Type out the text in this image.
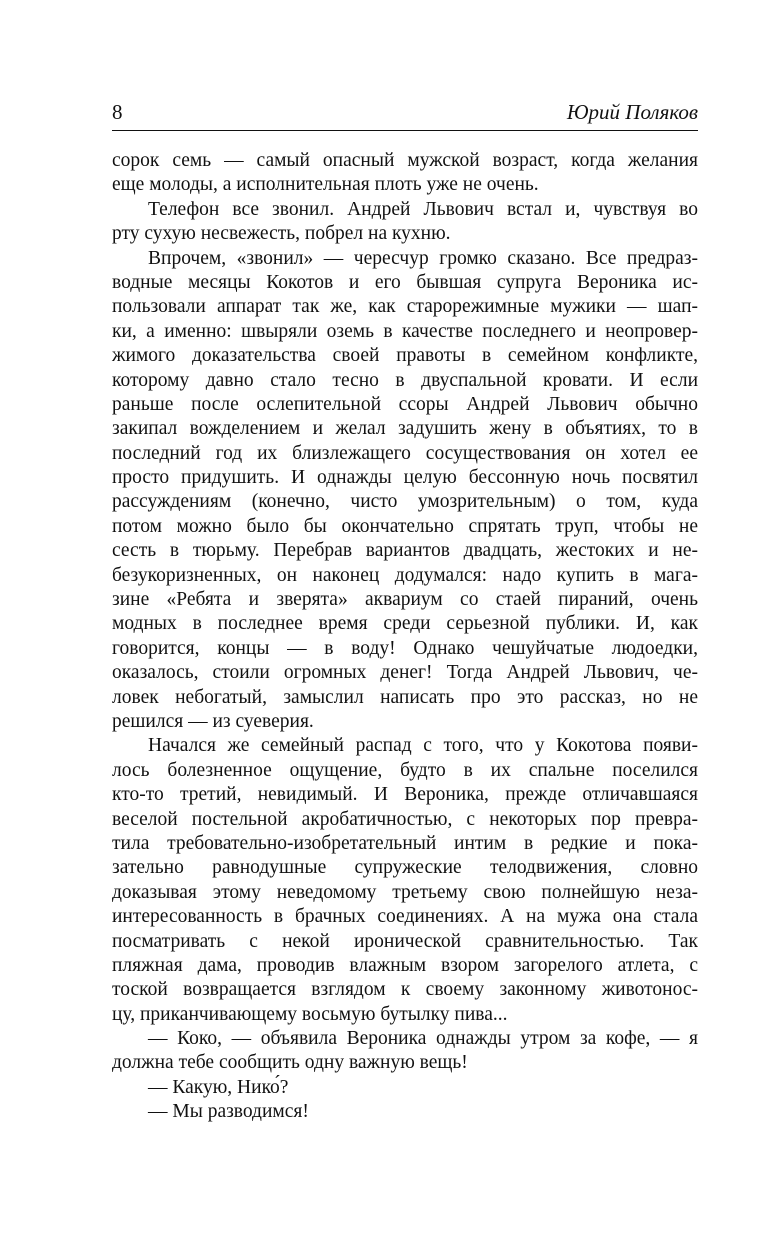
8	Юрий Поляков
сорок семь — самый опасный мужской возраст, когда желания
еще молоды, а исполнительная плоть уже не очень.
Телефон все звонил. Андрей Львович встал и, чувствуя во
рту сухую несвежесть, побрел на кухню.
Впрочем, «звонил» — чересчур громко сказано. Все предраз-
водные месяцы Кокотов и его бывшая супруга Вероника ис-
пользовали аппарат так же, как старорежимные мужики — шап-
ки, а именно: швыряли оземь в качестве последнего и неопровер-
жимого доказательства своей правоты в семейном конфликте,
которому давно стало тесно в двуспальной кровати. И если
раньше после ослепительной ссоры Андрей Львович обычно
закипал вожделением и желал задушить жену в объятиях, то в
последний год их близлежащего сосуществования он хотел ее
просто придушить. И однажды целую бессонную ночь посвятил
рассуждениям (конечно, чисто умозрительным) о том, куда
потом можно было бы окончательно спрятать труп, чтобы не
сесть в тюрьму. Перебрав вариантов двадцать, жестоких и не-
безукоризненных, он наконец додумался: надо купить в мага-
зине «Ребята и зверята» аквариум со стаей пираний, очень
модных в последнее время среди серьезной публики. И, как
говорится, концы — в воду! Однако чешуйчатые людоедки,
оказалось, стоили огромных денег! Тогда Андрей Львович, че-
ловек небогатый, замыслил написать про это рассказ, но не
решился — из суеверия.
Начался же семейный распад с того, что у Кокотова появи-
лось болезненное ощущение, будто в их спальне поселился
кто-то третий, невидимый. И Вероника, прежде отличавшаяся
веселой постельной акробатичностью, с некоторых пор превра-
тила требовательно-изобретательный интим в редкие и пока-
зательно равнодушные супружеские телодвижения, словно
доказывая этому неведомому третьему свою полнейшую неза-
интересованность в брачных соединениях. А на мужа она стала
посматривать с некой иронической сравнительностью. Так
пляжная дама, проводив влажным взором загорелого атлета, с
тоской возвращается взглядом к своему законному животонос-
цу, приканчивающему восьмую бутылку пива...
— Коко, — объявила Вероника однажды утром за кофе, — я
должна тебе сообщить одну важную вещь!
— Какую, Нико́?
— Мы разводимся!
